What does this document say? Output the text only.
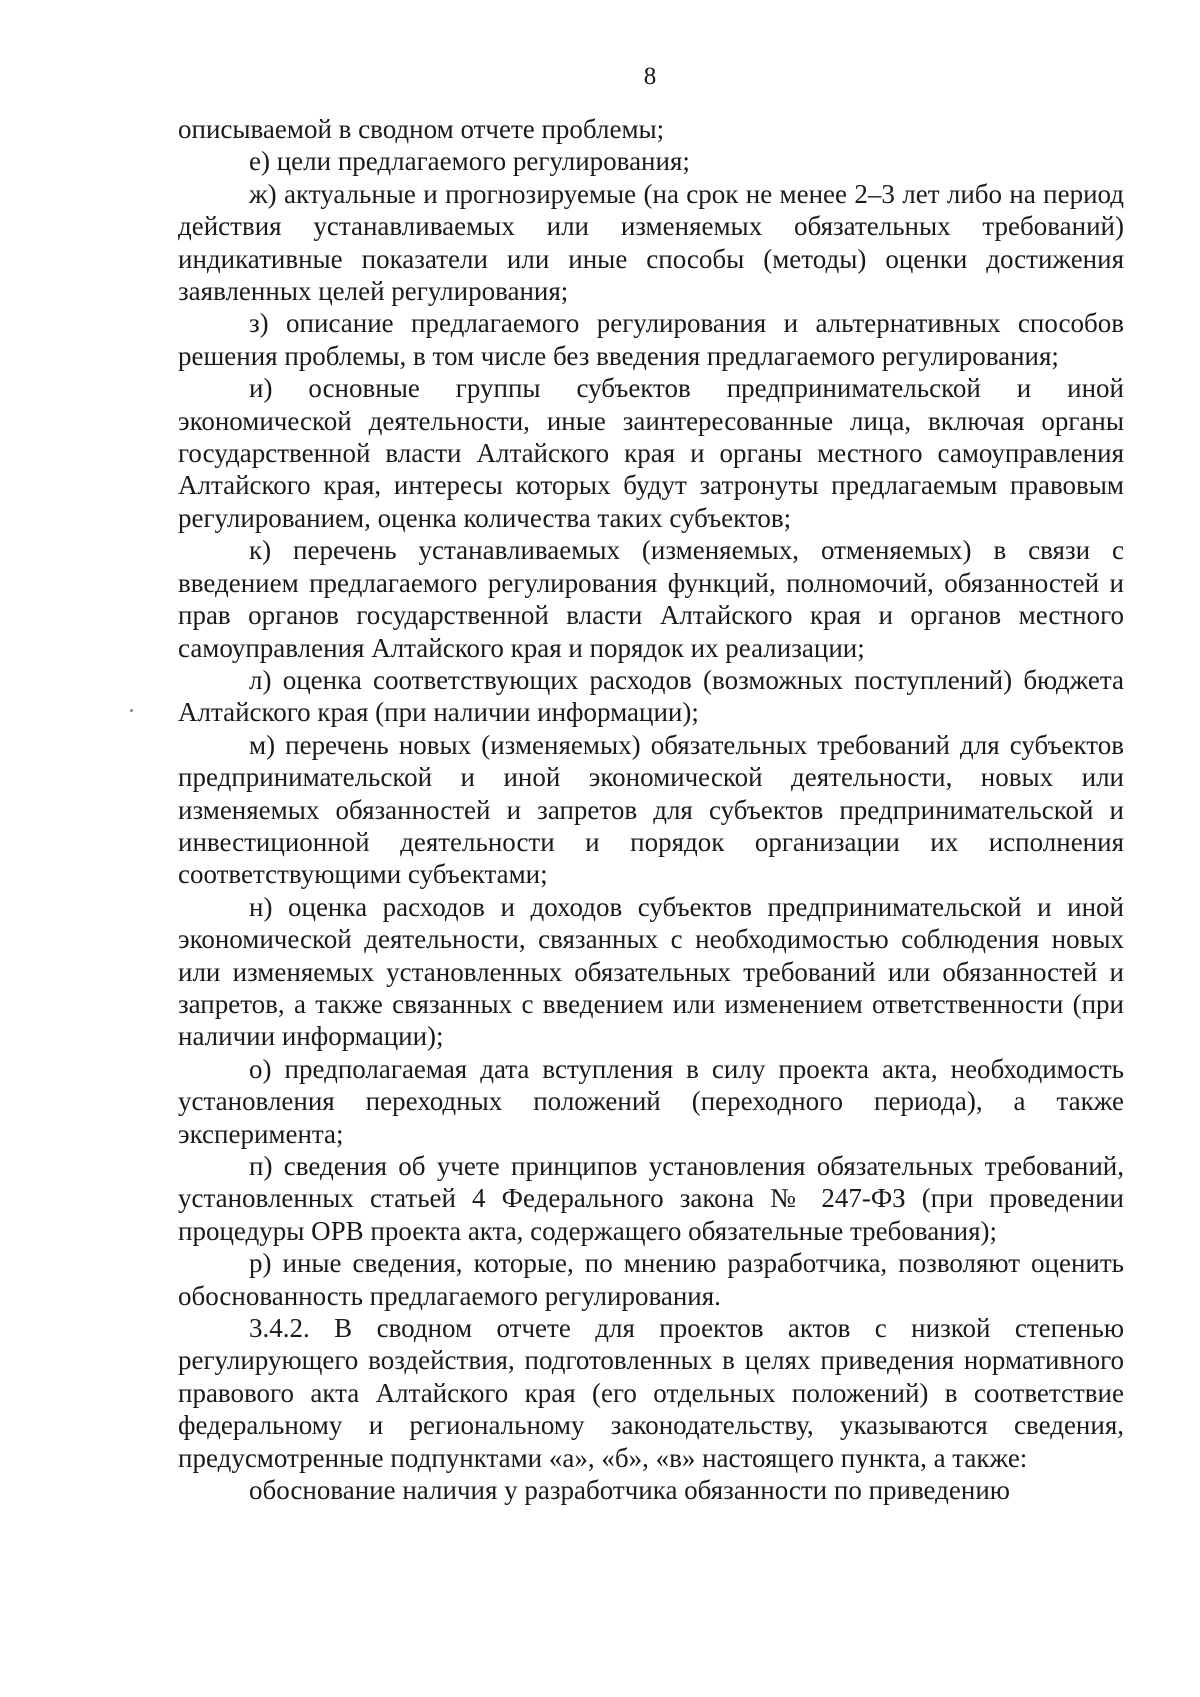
8

описываемой в сводном отчете проблемы;

е) цели предлагаемого регулирования;

ж) актуальные и прогнозируемые (на срок не менее 2–3 лет либо на период действия устанавливаемых или изменяемых обязательных требований) индикативные показатели или иные способы (методы) оценки достижения заявленных целей регулирования;

з) описание предлагаемого регулирования и альтернативных способов решения проблемы, в том числе без введения предлагаемого регулирования;

и) основные группы субъектов предпринимательской и иной экономической деятельности, иные заинтересованные лица, включая органы государственной власти Алтайского края и органы местного самоуправления Алтайского края, интересы которых будут затронуты предлагаемым правовым регулированием, оценка количества таких субъектов;

к) перечень устанавливаемых (изменяемых, отменяемых) в связи с введением предлагаемого регулирования функций, полномочий, обязанностей и прав органов государственной власти Алтайского края и органов местного самоуправления Алтайского края и порядок их реализации;

л) оценка соответствующих расходов (возможных поступлений) бюджета Алтайского края (при наличии информации);

м) перечень новых (изменяемых) обязательных требований для субъектов предпринимательской и иной экономической деятельности, новых или изменяемых обязанностей и запретов для субъектов предпринимательской и инвестиционной деятельности и порядок организации их исполнения соответствующими субъектами;

н) оценка расходов и доходов субъектов предпринимательской и иной экономической деятельности, связанных с необходимостью соблюдения новых или изменяемых установленных обязательных требований или обязанностей и запретов, а также связанных с введением или изменением ответственности (при наличии информации);

о) предполагаемая дата вступления в силу проекта акта, необходимость установления переходных положений (переходного периода), а также эксперимента;

п) сведения об учете принципов установления обязательных требований, установленных статьей 4 Федерального закона № 247-ФЗ (при проведении процедуры ОРВ проекта акта, содержащего обязательные требования);

р) иные сведения, которые, по мнению разработчика, позволяют оценить обоснованность предлагаемого регулирования.

3.4.2. В сводном отчете для проектов актов с низкой степенью регулирующего воздействия, подготовленных в целях приведения нормативного правового акта Алтайского края (его отдельных положений) в соответствие федеральному и региональному законодательству, указываются сведения, предусмотренные подпунктами «а», «б», «в» настоящего пункта, а также:

обоснование наличия у разработчика обязанности по приведению
